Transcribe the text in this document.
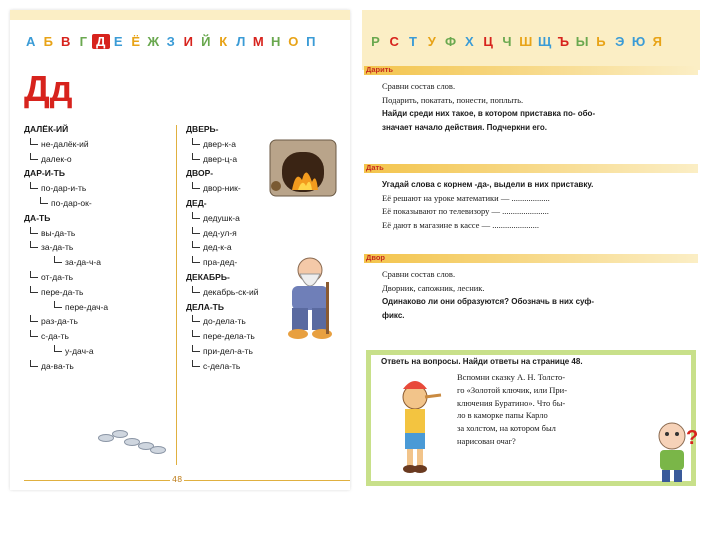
А Б В Г Д Е Ё Ж З И Й К Л М Н О П
Дд
ДАЛЁК-ИЙ
не-далёк-ий
далек-о
ДАР-И-ТЬ
по-дар-и-ть
по-дар-ок-
ДА-ТЬ
вы-да-ть
за-да-ть
за-да-ч-а
от-да-ть
пере-да-ть
пере-дач-а
раз-да-ть
с-да-ть
у-дач-а
да-ва-ть
ДВЕРЬ-
двер-к-а
двер-ц-а
ДВОР-
двор-ник-
ДЕД-
дедушк-а
дед-ул-я
дед-к-а
пра-дед-
ДЕКАБРЬ-
декабрь-ск-ий
ДЕЛА-ТЬ
до-дела-ть
пере-дела-ть
при-дел-а-ть
с-дела-ть
48
Р С Т У Ф Х Ц Ч Ш Щ Ъ Ы Ь Э Ю Я
Дарить
Сравни состав слов.
Подарить, покатать, понести, поплыть.
Найди среди них такое, в котором приставка по- обо-
значает начало действия. Подчеркни его.
Дать
Угадай слова с корнем -да-, выдели в них приставку.
Её решают на уроке математики — ..................
Её показывают по телевизору — ......................
Её дают в магазине в кассе — ......................
Двор
Сравни состав слов.
Дворник, сапожник, лесник.
Одинаково ли они образуются? Обозначь в них суф-
фикс.
Ответь на вопросы. Найди ответы на странице 48.
Вспомни сказку А. Н. Толсто-
го «Золотой ключик, или При-
ключения Буратино». Что бы-
ло в каморке папы Карло
за холстом, на котором был
нарисован очаг?	?
